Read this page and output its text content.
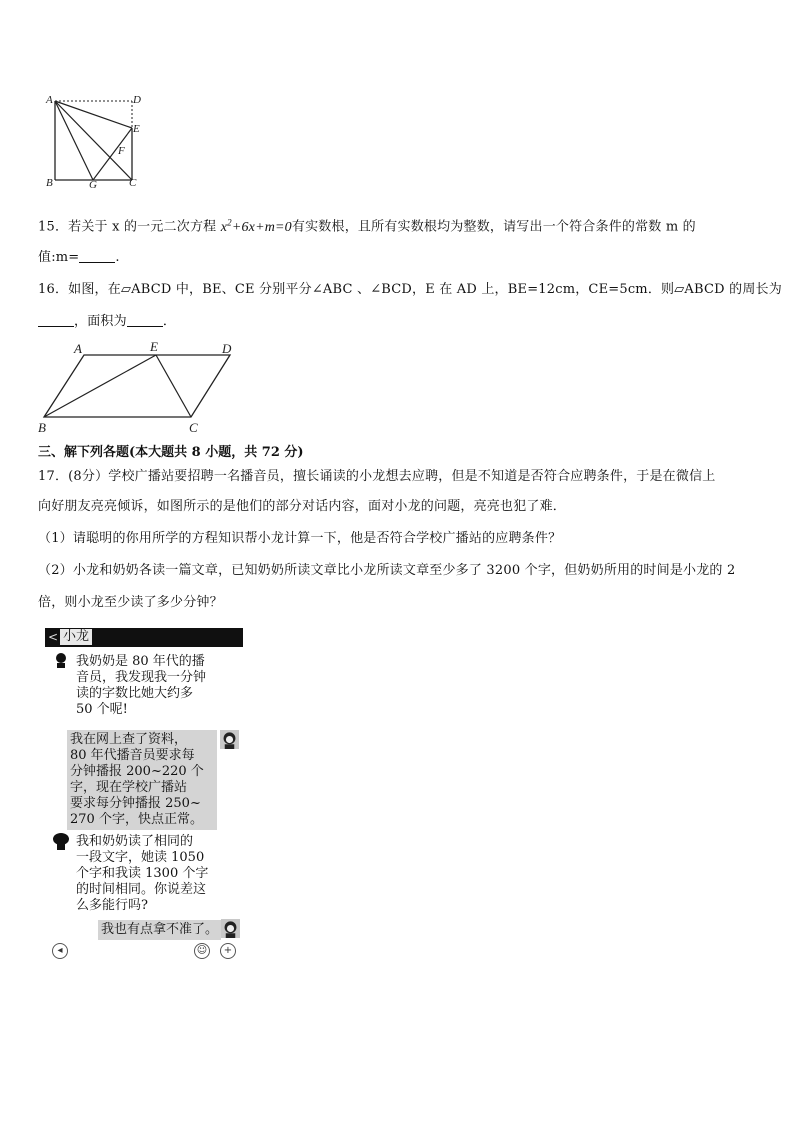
A	D
E
F
B	G	C
15．若关于 x 的一元二次方程 $x^2+6x+m=0$有实数根，且所有实数根均为整数，请写出一个符合条件的常数 m 的
值:m=	.
16．如图，在▱ABCD 中，BE、CE 分别平分∠ABC 、∠BCD，E 在 AD 上，BE=12cm，CE=5cm．则▱ABCD 的周长为
，面积为	．
A	E	D
B	C
三、解下列各题(本大题共 8 小题，共 72 分)
17．(8分）学校广播站要招聘一名播音员，擅长诵读的小龙想去应聘，但是不知道是否符合应聘条件，于是在微信上
向好朋友亮亮倾诉，如图所示的是他们的部分对话内容，面对小龙的问题，亮亮也犯了难．
（1）请聪明的你用所学的方程知识帮小龙计算一下，他是否符合学校广播站的应聘条件？
（2）小龙和奶奶各读一篇文章，已知奶奶所读文章比小龙所读文章至少多了 3200 个字，但奶奶所用的时间是小龙的 2
倍，则小龙至少读了多少分钟？
< 小龙
我奶奶是 80 年代的播
音员，我发现我一分钟
读的字数比她大约多
50 个呢!
我在网上查了资料，
80 年代播音员要求每
分钟播报 200~220 个
字，现在学校广播站
要求每分钟播报 250~
270 个字，快点正常。
我和奶奶读了相同的
一段文字，她读 1050
个字和我读 1300 个字
的时间相同。你说差这
么多能行吗?
我也有点拿不准了。
◂	☺	+
